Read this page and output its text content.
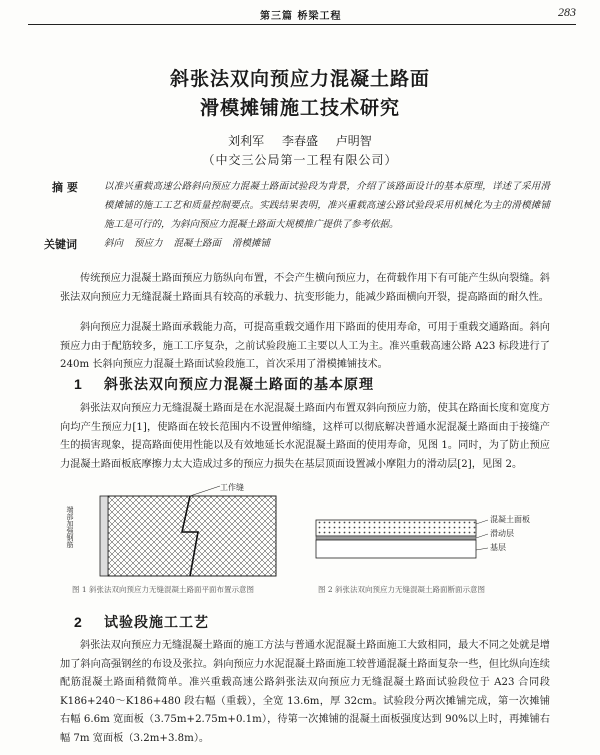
第三篇 桥梁工程	283
斜张法双向预应力混凝土路面
滑模摊铺施工技术研究
刘利军 李春盛 卢明智
（中交三公局第一工程有限公司）
摘 要	以准兴重载高速公路斜向预应力混凝土路面试验段为背景，介绍了该路面设计的基本原理，详述了采用滑模摊铺的施工工艺和质量控制要点。实践结果表明，准兴重载高速公路试验段采用机械化为主的滑模摊铺施工是可行的，为斜向预应力混凝土路面大规模推广提供了参考依据。
关键词	斜向 预应力 混凝土路面 滑模摊铺
传统预应力混凝土路面预应力筋纵向布置，不会产生横向预应力，在荷载作用下有可能产生纵向裂缝。斜张法双向预应力无缝混凝土路面具有较高的承载力、抗变形能力，能减少路面横向开裂，提高路面的耐久性。
斜向预应力混凝土路面承载能力高，可提高重载交通作用下路面的使用寿命，可用于重载交通路面。斜向预应力由于配筋较多，施工工序复杂，之前试验段施工主要以人工为主。准兴重载高速公路 A23 标段进行了 240m 长斜向预应力混凝土路面试验段施工，首次采用了滑模摊铺技术。
1 斜张法双向预应力混凝土路面的基本原理
斜张法双向预应力无缝混凝土路面是在水泥混凝土路面内布置双斜向预应力筋，使其在路面长度和宽度方向均产生预应力[1]，使路面在较长范围内不设置伸缩缝，这样可以彻底解决普通水泥混凝土路面由于接缝产生的损害现象，提高路面使用性能以及有效地延长水泥混凝土路面的使用寿命，见图 1。同时，为了防止预应力混凝土路面板底摩擦力太大造成过多的预应力损失在基层顶面设置减小摩阻力的滑动层[2]，见图 2。
工作缝
端部加强钢筋	混凝土面板
滑动层
基层
图 1 斜张法双向预应力无缝混凝土路面平面布置示意图	图 2 斜张法双向预应力无缝混凝土路面断面示意图
2 试验段施工工艺
斜张法双向预应力无缝混凝土路面的施工方法与普通水泥混凝土路面施工大致相同，最大不同之处就是增加了斜向高强钢丝的布设及张拉。斜向预应力水泥混凝土路面施工较普通混凝土路面复杂一些，但比纵向连续配筋混凝土路面稍微简单。准兴重载高速公路斜张法双向预应力无缝混凝土路面试验段位于 A23 合同段 K186+240～K186+480 段右幅（重载），全宽 13.6m，厚 32cm。试验段分两次摊铺完成，第一次摊铺右幅 6.6m 宽面板（3.75m+2.75m+0.1m），待第一次摊铺的混凝土面板强度达到 90%以上时，再摊铺右幅 7m 宽面板（3.2m+3.8m）。
